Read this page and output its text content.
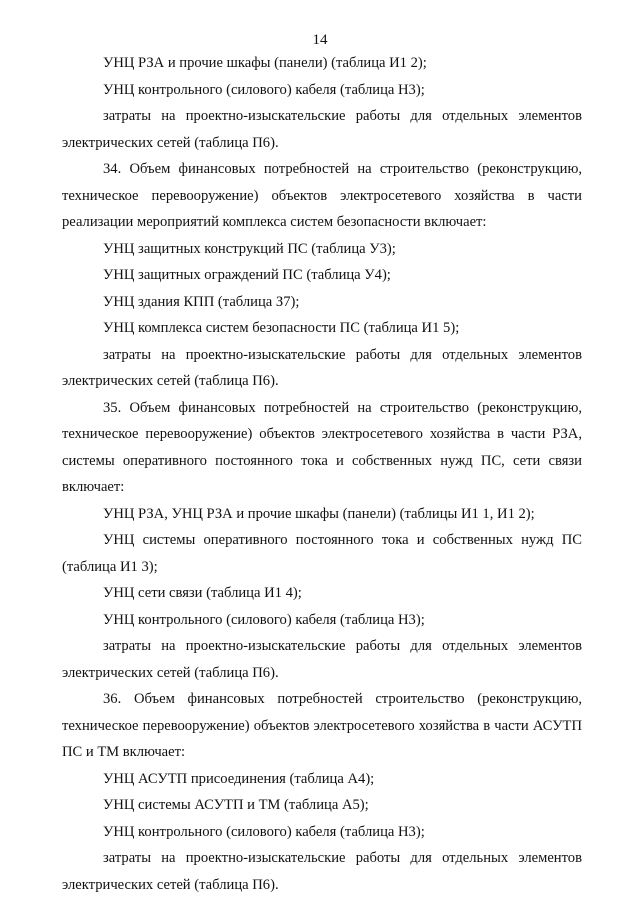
14

УНЦ РЗА и прочие шкафы (панели) (таблица И1 2);

УНЦ контрольного (силового) кабеля (таблица Н3);

затраты на проектно-изыскательские работы для отдельных элементов электрических сетей (таблица П6).

34. Объем финансовых потребностей на строительство (реконструкцию, техническое перевооружение) объектов электросетевого хозяйства в части реализации мероприятий комплекса систем безопасности включает:

УНЦ защитных конструкций ПС (таблица У3);

УНЦ защитных ограждений ПС (таблица У4);

УНЦ здания КПП (таблица З7);

УНЦ комплекса систем безопасности ПС (таблица И1 5);

затраты на проектно-изыскательские работы для отдельных элементов электрических сетей (таблица П6).

35. Объем финансовых потребностей на строительство (реконструкцию, техническое перевооружение) объектов электросетевого хозяйства в части РЗА, системы оперативного постоянного тока и собственных нужд ПС, сети связи включает:

УНЦ РЗА, УНЦ РЗА и прочие шкафы (панели) (таблицы И1 1, И1 2);

УНЦ системы оперативного постоянного тока и собственных нужд ПС (таблица И1 3);

УНЦ сети связи (таблица И1 4);

УНЦ контрольного (силового) кабеля (таблица Н3);

затраты на проектно-изыскательские работы для отдельных элементов электрических сетей (таблица П6).

36. Объем финансовых потребностей строительство (реконструкцию, техническое перевооружение) объектов электросетевого хозяйства в части АСУТП ПС и ТМ включает:

УНЦ АСУТП присоединения (таблица А4);

УНЦ системы АСУТП и ТМ (таблица А5);

УНЦ контрольного (силового) кабеля (таблица Н3);

затраты на проектно-изыскательские работы для отдельных элементов электрических сетей (таблица П6).
